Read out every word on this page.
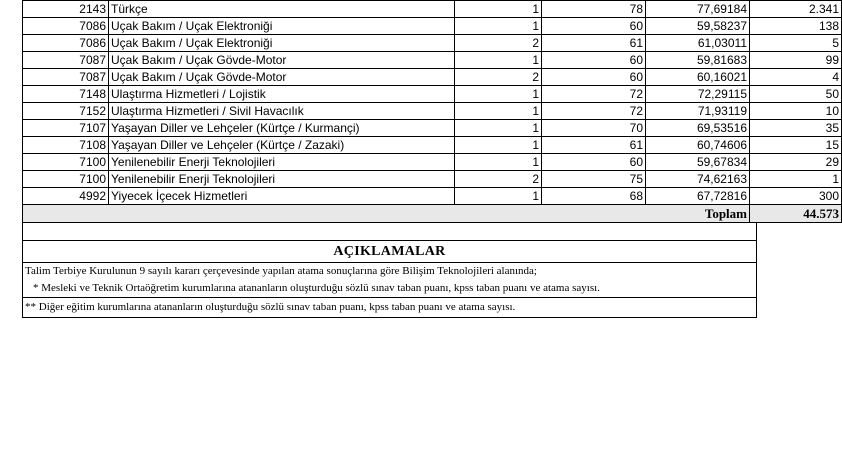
2143	Türkçe	1	78	77,69184	2.341
7086	Uçak Bakım / Uçak Elektroniği	1	60	59,58237	138
7086	Uçak Bakım / Uçak Elektroniği	2	61	61,03011	5
7087	Uçak Bakım / Uçak Gövde-Motor	1	60	59,81683	99
7087	Uçak Bakım / Uçak Gövde-Motor	2	60	60,16021	4
7148	Ulaştırma Hizmetleri / Lojistik	1	72	72,29115	50
7152	Ulaştırma Hizmetleri / Sivil Havacılık	1	72	71,93119	10
7107	Yaşayan Diller ve Lehçeler (Kürtçe / Kurmançi)	1	70	69,53516	35
7108	Yaşayan Diller ve Lehçeler (Kürtçe / Zazaki)	1	61	60,74606	15
7100	Yenilenebilir Enerji Teknolojileri	1	60	59,67834	29
7100	Yenilenebilir Enerji Teknolojileri	2	75	74,62163	1
4992	Yiyecek İçecek Hizmetleri	1	68	67,72816	300
Toplam					44.573
AÇIKLAMALAR
Talim Terbiye Kurulunun 9 sayılı kararı çerçevesinde yapılan atama sonuçlarına göre Bilişim Teknolojileri alanında;
* Mesleki ve Teknik Ortaöğretim kurumlarına atananların oluşturduğu sözlü sınav taban puanı, kpss taban puanı ve atama sayısı.
** Diğer eğitim kurumlarına atananların oluşturduğu sözlü sınav taban puanı, kpss taban puanı ve atama sayısı.
